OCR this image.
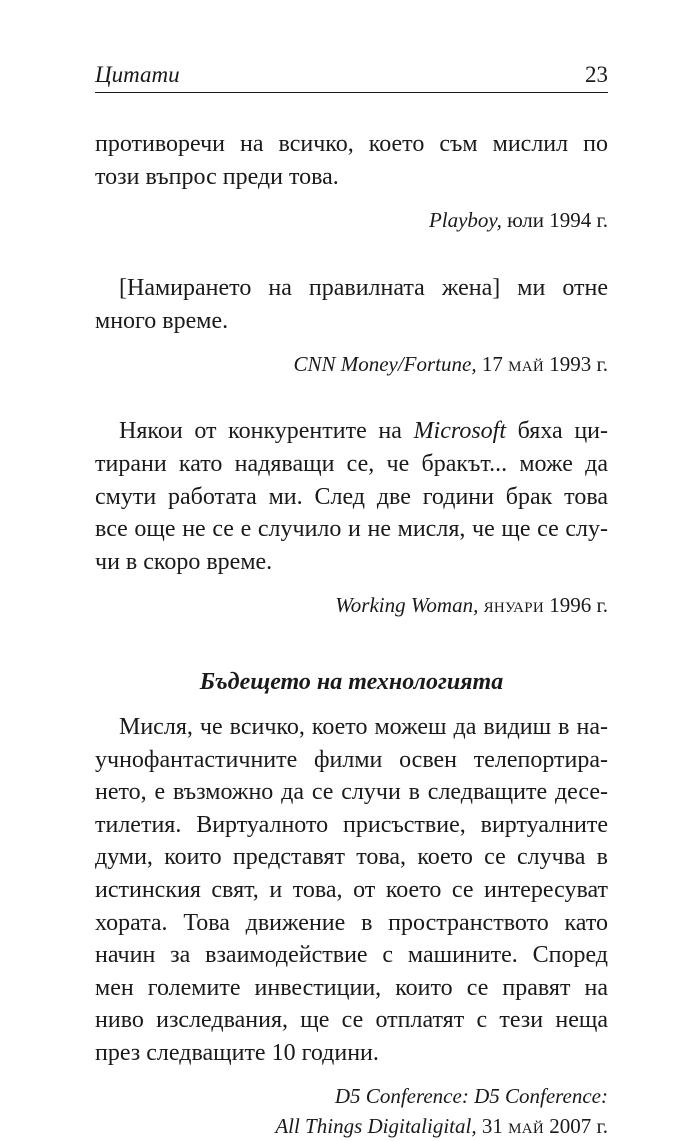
Цитати	23
противоречи на всичко, което съм мислил по
този въпрос преди това.
Playboy, юли 1994 г.
[Намирането на правилната жена] ми отне
много време.
CNN Money/Fortune, 17 май 1993 г.
Някои от конкурентите на Microsoft бяха ци-
тирани като надяващи се, че бракът... може да
смути работата ми. След две години брак това
все още не се е случило и не мисля, че ще се слу-
чи в скоро време.
Working Woman, януари 1996 г.
Бъдещето на технологията
Мисля, че всичко, което можеш да видиш в на-
учнофантастичните филми освен телепортира-
нето, е възможно да се случи в следващите десе-
тилетия. Виртуалното присъствие, виртуалните
думи, които представят това, което се случва в
истинския свят, и това, от което се интересуват
хората. Това движение в пространството като
начин за взаимодействие с машините. Според
мен големите инвестиции, които се правят на
ниво изследвания, ще се отплатят с тези неща
през следващите 10 години.
D5 Conference: D5 Conference:
All Things Digitaligital, 31 май 2007 г.
